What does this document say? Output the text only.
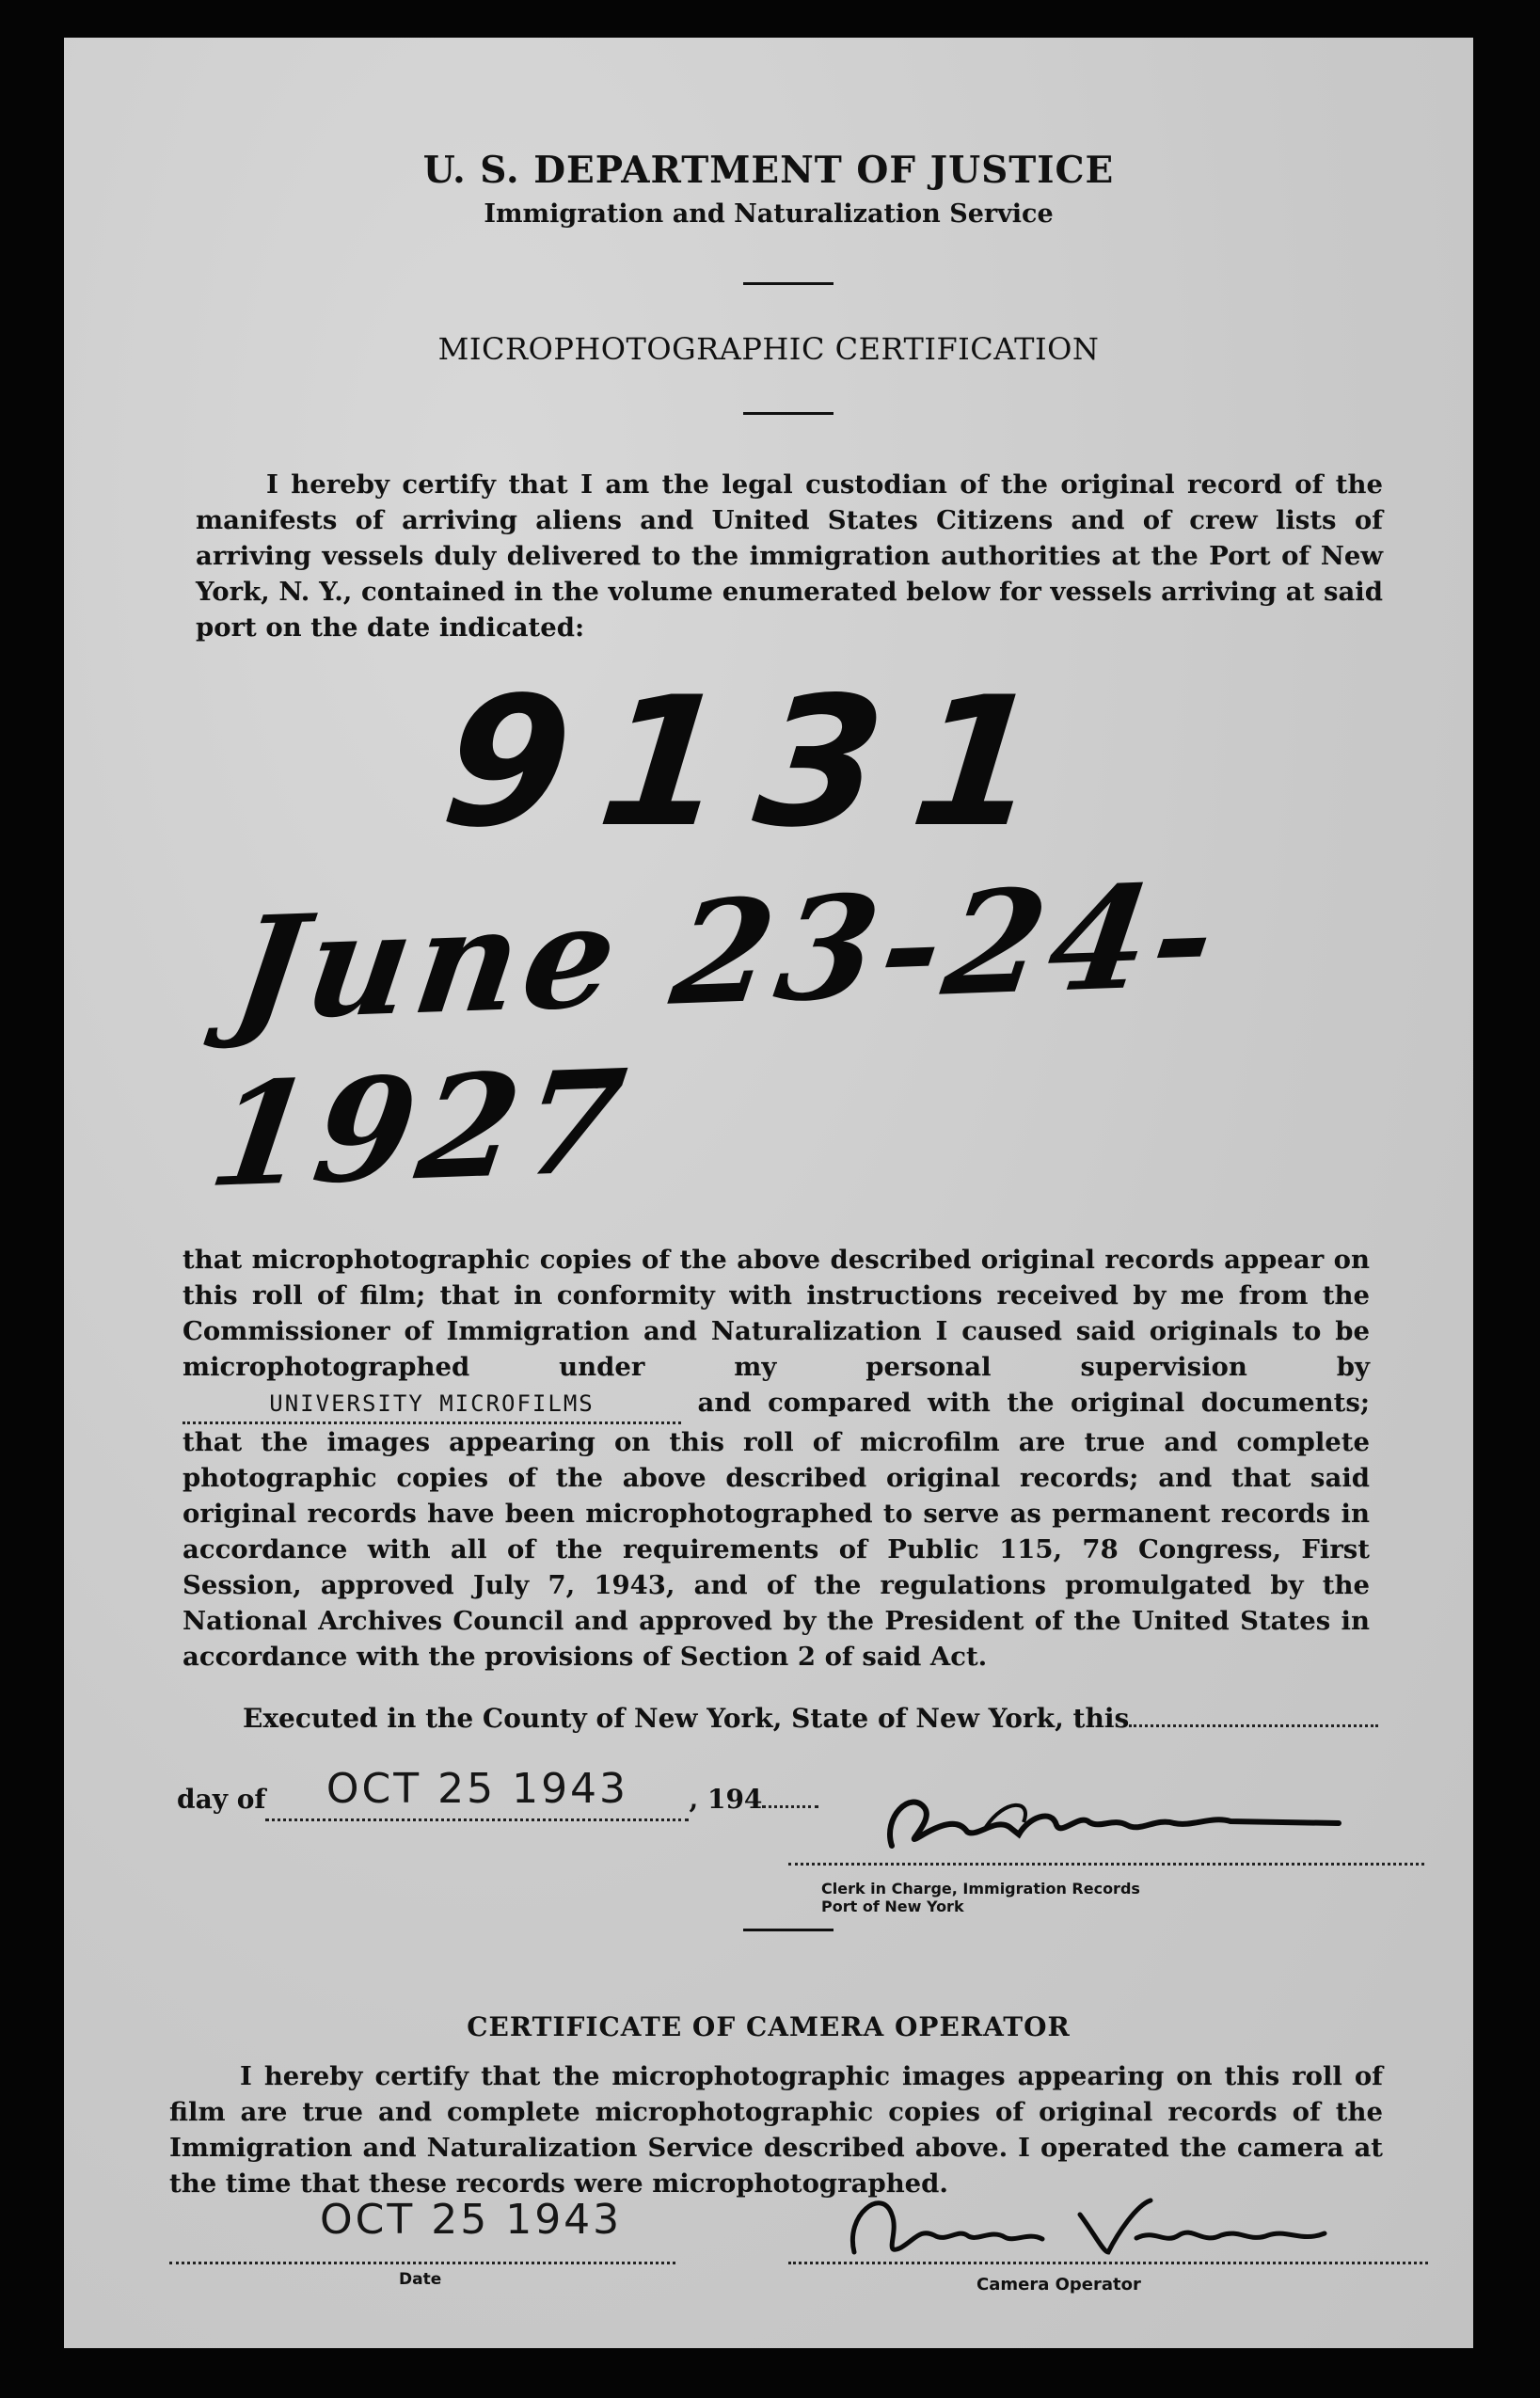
U. S. DEPARTMENT OF JUSTICE
Immigration and Naturalization Service
MICROPHOTOGRAPHIC CERTIFICATION

I hereby certify that I am the legal custodian of the original record of the manifests of arriving aliens and United States Citizens and of crew lists of arriving vessels duly delivered to the immigration authorities at the Port of New York, N. Y., contained in the volume enumerated below for vessels arriving at said port on the date indicated:

9131
June 23-24-1927

that microphotographic copies of the above described original records appear on this roll of film; that in conformity with instructions received by me from the Commissioner of Immigration and Naturalization I caused said originals to be microphotographed under my personal supervision by UNIVERSITY MICROFILMS	and compared with the original documents; that the images appearing on this roll of microfilm are true and complete photographic copies of the above described original records; and that said original records have been microphotographed to serve as permanent records in accordance with all of the requirements of Public 115, 78 Congress, First Session, approved July 7, 1943, and of the regulations promulgated by the National Archives Council and approved by the President of the United States in accordance with the provisions of Section 2 of said Act.

Executed in the County of New York, State of New York, this
day of OCT 25 1943 , 194
Clerk in Charge, Immigration Records
Port of New York
CERTIFICATE OF CAMERA OPERATOR

I hereby certify that the microphotographic images appearing on this roll of film are true and complete microphotographic copies of original records of the Immigration and Naturalization Service described above. I operated the camera at the time that these records were microphotographed.

OCT 25 1943
Date	Camera Operator
